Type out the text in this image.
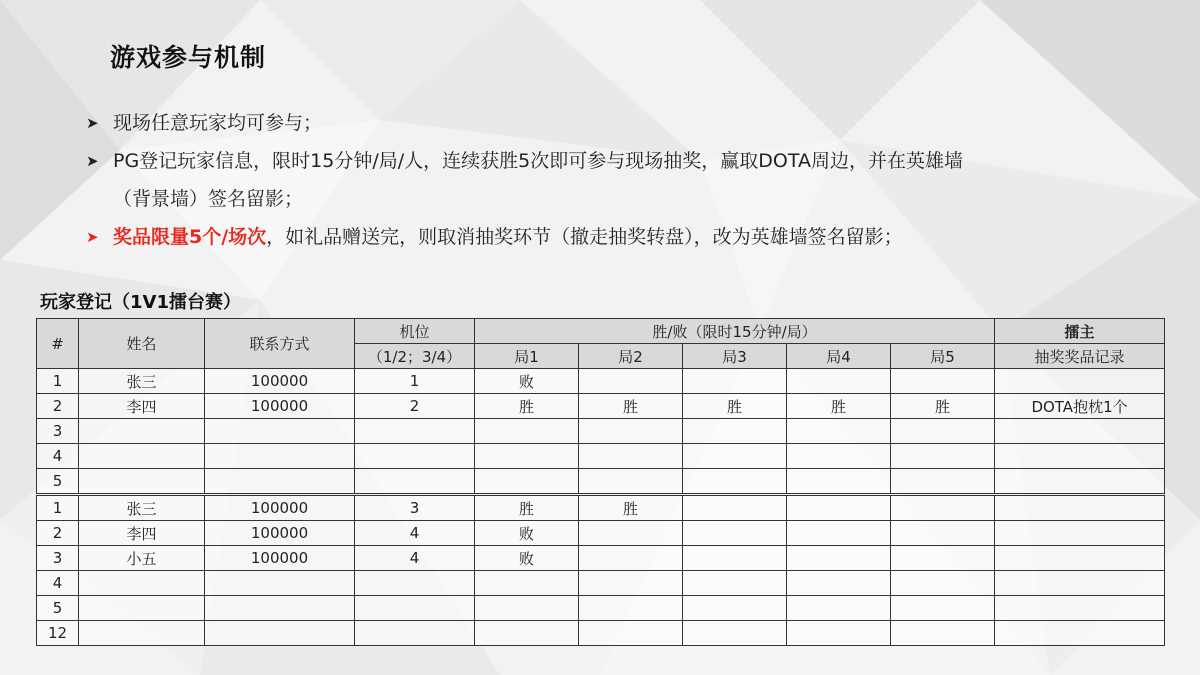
游戏参与机制
➤ 现场任意玩家均可参与；
➤ PG登记玩家信息，限时15分钟/局/人，连续获胜5次即可参与现场抽奖，赢取DOTA周边，并在英雄墙
（背景墙）签名留影；
➤ 奖品限量5个/场次，如礼品赠送完，则取消抽奖环节（撤走抽奖转盘），改为英雄墙签名留影；
玩家登记（1V1擂台赛）
#	姓名	联系方式	机位	胜/败（限时15分钟/局）					擂主
			（1/2；3/4）	局1	局2	局3	局4	局5	抽奖奖品记录
1	张三	100000	1	败					
2	李四	100000	2	胜	胜	胜	胜	胜	DOTA抱枕1个
3									
4									
5									
1	张三	100000	3	胜	胜				
2	李四	100000	4	败					
3	小五	100000	4	败					
4									
5									
12									
